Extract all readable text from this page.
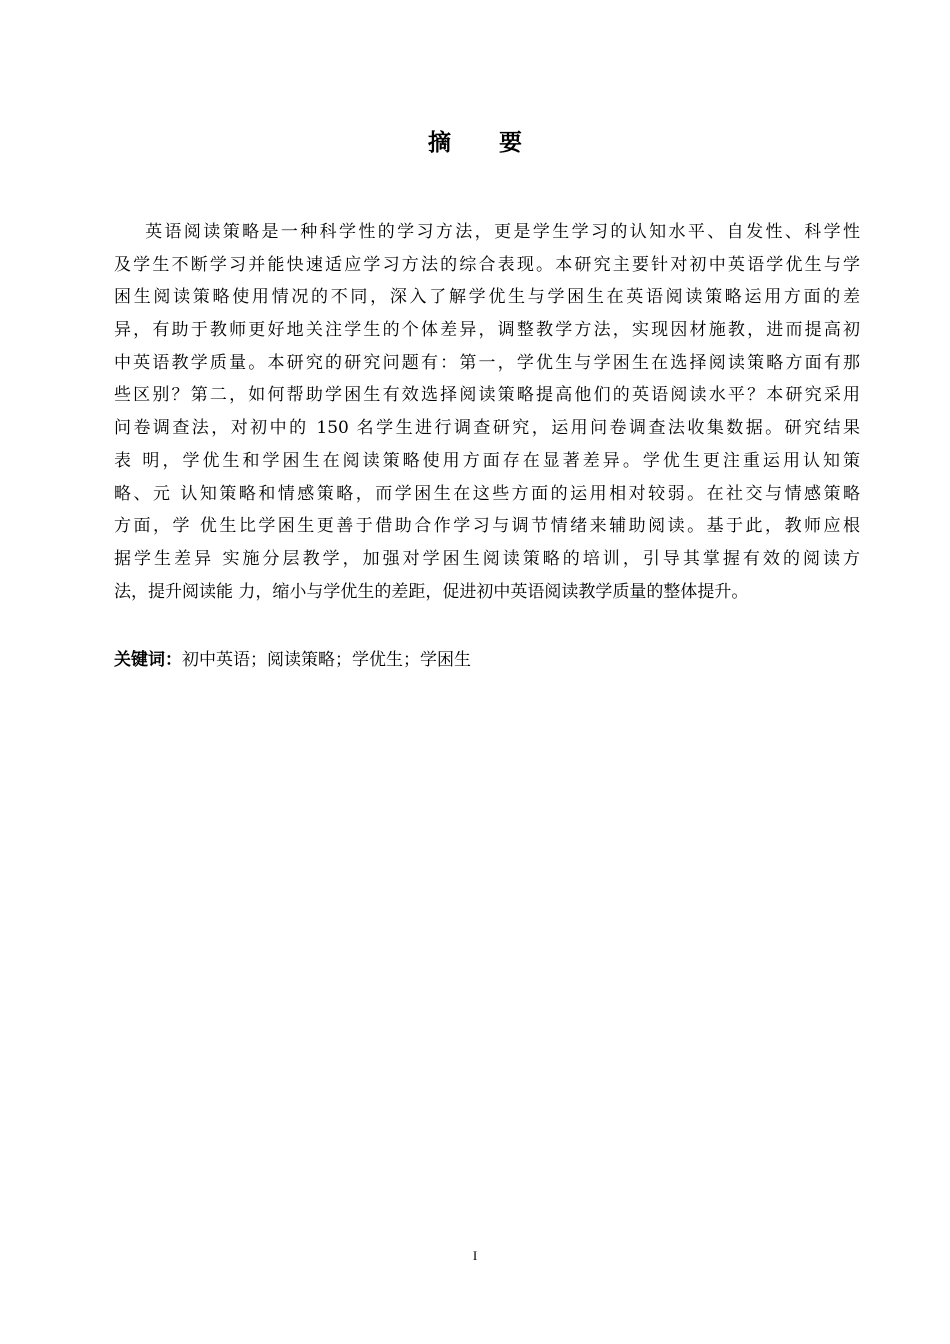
摘 要
英语阅读策略是一种科学性的学习方法，更是学生学习的认知水平、自发性、科学性
及学生不断学习并能快速适应学习方法的综合表现。本研究主要针对初中英语学优生与学
困生阅读策略使用情况的不同，深入了解学优生与学困生在英语阅读策略运用方面的差
异，有助于教师更好地关注学生的个体差异，调整教学方法，实现因材施教，进而提高初
中英语教学质量。本研究的研究问题有：第一，学优生与学困生在选择阅读策略方面有那
些区别？第二，如何帮助学困生有效选择阅读策略提高他们的英语阅读水平？本研究采用
问卷调查法，对初中的 150 名学生进行调查研究，运用问卷调查法收集数据。研究结果
表 明，学优生和学困生在阅读策略使用方面存在显著差异。学优生更注重运用认知策
略、元 认知策略和情感策略，而学困生在这些方面的运用相对较弱。在社交与情感策略
方面，学 优生比学困生更善于借助合作学习与调节情绪来辅助阅读。基于此，教师应根
据学生差异 实施分层教学，加强对学困生阅读策略的培训，引导其掌握有效的阅读方
法，提升阅读能 力，缩小与学优生的差距，促进初中英语阅读教学质量的整体提升。

关键词：初中英语；阅读策略；学优生；学困生

I
